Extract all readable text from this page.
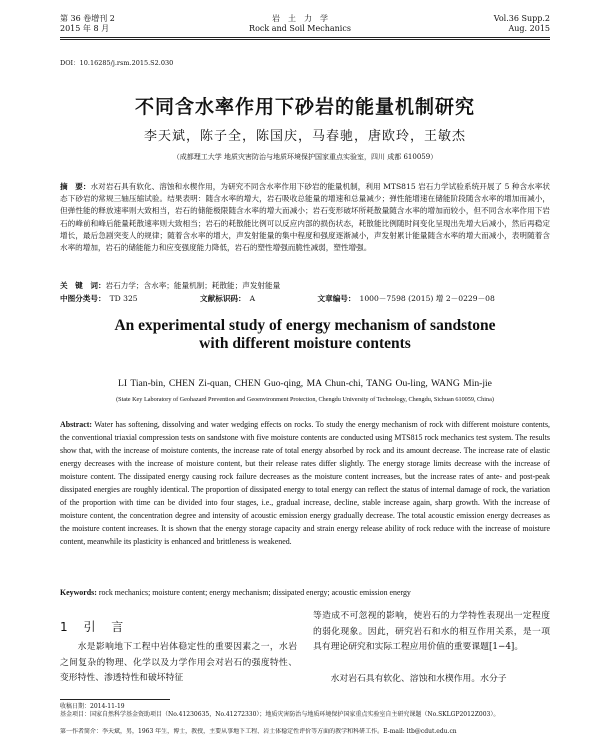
第 36 卷增刊 2
2015 年 8 月
岩　土　力　学
Rock and Soil Mechanics
Vol.36 Supp.2
Aug. 2015
DOI：10.16285/j.rsm.2015.S2.030
不同含水率作用下砂岩的能量机制研究
李天斌，陈子全，陈国庆，马春驰，唐欧玲，王敏杰
（成都理工大学 地质灾害防治与地质环境保护国家重点实验室，四川 成都 610059）
摘　要：水对岩石具有软化、溶蚀和水楔作用，为研究不同含水率作用下砂岩的能量机制，利用 MTS815 岩石力学试验系统开展了 5 种含水率状态下砂岩的常规三轴压缩试验。结果表明：随含水率的增大，岩石吸收总能量的增速和总量减少；弹性能增速在储能阶段随含水率的增加而减小，但弹性能的释放速率则大致相当，岩石的储能极限随含水率的增大而减小；岩石变形破坏所耗散量随含水率的增加而较小，但不同含水率作用下岩石的峰前和峰后能量耗散速率则大致相当；岩石的耗散能比例可以反应内部的损伤状态，耗散能比例随时间变化呈现出先增大后减小，然后再稳定增长，最后急剧突变人的规律；随着含水率的增大，声发射能量的集中程度和强度逐渐减小，声发射累计能量随含水率的增大而减小，表明随着含水率的增加，岩石的储能能力和应变强度能力降低，岩石的塑性增强而脆性减弱，塑性增强。
关　键　词：岩石力学；含水率；能量机制；耗散能；声发射能量
中图分类号： TD 325	文献标识码： A	文章编号： 1000－7598 (2015) 增 2－0229－08
An experimental study of energy mechanism of sandstone
with different moisture contents
LI Tian-bin, CHEN Zi-quan, CHEN Guo-qing, MA Chun-chi, TANG Ou-ling, WANG Min-jie
(State Key Laboratory of Geohazard Prevention and Geoenvironment Protection, Chengdu University of Technology, Chengdu, Sichuan 610059, China)
Abstract: Water has softening, dissolving and water wedging effects on rocks. To study the energy mechanism of rock with different moisture contents, the conventional triaxial compression tests on sandstone with five moisture contents are conducted using MTS815 rock mechanics test system. The results show that, with the increase of moisture contents, the increase rate of total energy absorbed by rock and its amount decrease. The increase rate of elastic energy decreases with the increase of moisture content, but their release rates differ slightly. The energy storage limits decrease with the increase of moisture content. The dissipated energy causing rock failure decreases as the moisture content increases, but the increase rates of ante- and post-peak dissipated energies are roughly identical. The proportion of dissipated energy to total energy can reflect the status of internal damage of rock, the variation of the proportion with time can be divided into four stages, i.e., gradual increase, decline, stable increase again, sharp growth. With the increase of moisture content, the concentration degree and intensity of acoustic emission energy gradually decrease. The total acoustic emission energy decreases as the moisture content increases. It is shown that the energy storage capacity and strain energy release ability of rock reduce with the increase of moisture content, meanwhile its plasticity is enhanced and brittleness is weakened.
Keywords: rock mechanics; moisture content; energy mechanism; dissipated energy; acoustic emission energy
1 引 言
水是影响地下工程中岩体稳定性的重要因素之一，水岩之间复杂的物理、化学以及力学作用会对岩石的强度特性、变形特性、渗透特性和破坏特征
等造成不可忽视的影响，使岩石的力学特性表现出一定程度的弱化现象。因此，研究岩石和水的相互作用关系，是一项具有理论研究和实际工程应用价值的重要课题[1−4]。
水对岩石具有软化、溶蚀和水楔作用。水分子
收稿日期：2014-11-19
基金项目：国家自然科学基金资助项目（No.41230635，No.41272330）；地质灾害防治与地质环境保护国家重点实验室自主研究课题（No.SKLGP2012Z003）。
第一作者简介：李天斌，男，1963 年生，博士，教授，主要从事地下工程、岩土体稳定性评价等方面的教学和科研工作。E-mail: ltb@cdut.edu.cn
